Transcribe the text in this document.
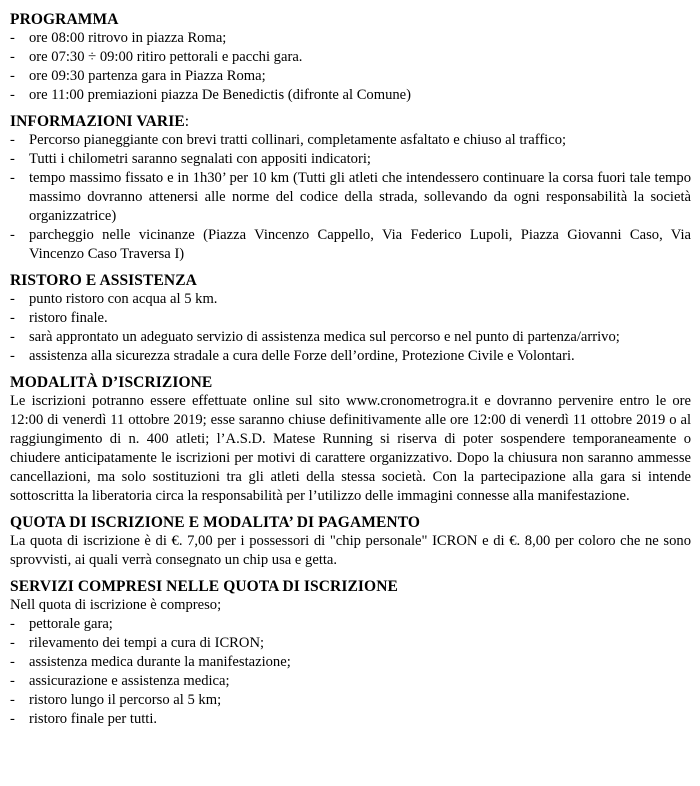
PROGRAMMA
- ore 08:00 ritrovo in piazza Roma;
- ore 07:30 ÷ 09:00 ritiro pettorali e pacchi gara.
- ore 09:30 partenza gara in Piazza Roma;
- ore 11:00 premiazioni piazza De Benedictis (difronte al Comune)
INFORMAZIONI VARIE:
- Percorso pianeggiante con brevi tratti collinari, completamente asfaltato e chiuso al traffico;
- Tutti i chilometri saranno segnalati con appositi indicatori;
- tempo massimo fissato e in 1h30’ per 10 km (Tutti gli atleti che intendessero continuare la corsa fuori tale tempo massimo dovranno attenersi alle norme del codice della strada, sollevando da ogni responsabilità la società organizzatrice)
- parcheggio nelle vicinanze (Piazza Vincenzo Cappello, Via Federico Lupoli, Piazza Giovanni Caso, Via Vincenzo Caso Traversa I)
RISTORO E ASSISTENZA
- punto ristoro con acqua al 5 km.
- ristoro finale.
- sarà approntato un adeguato servizio di assistenza medica sul percorso e nel punto di partenza/arrivo;
- assistenza alla sicurezza stradale a cura delle Forze dell’ordine, Protezione Civile e Volontari.
MODALITÀ D’ISCRIZIONE

Le iscrizioni potranno essere effettuate online sul sito www.cronometrogra.it e dovranno pervenire entro le ore 12:00 di venerdì 11 ottobre 2019; esse saranno chiuse definitivamente alle ore 12:00 di venerdì 11 ottobre 2019 o al raggiungimento di n. 400 atleti; l’A.S.D. Matese Running si riserva di poter sospendere temporaneamente o chiudere anticipatamente le iscrizioni per motivi di carattere organizzativo. Dopo la chiusura non saranno ammesse cancellazioni, ma solo sostituzioni tra gli atleti della stessa società. Con la partecipazione alla gara si intende sottoscritta la liberatoria circa la responsabilità per l’utilizzo delle immagini connesse alla manifestazione.

QUOTA DI ISCRIZIONE E MODALITA’ DI PAGAMENTO

La quota di iscrizione è di €. 7,00 per i possessori di "chip personale" ICRON e di €. 8,00 per coloro che ne sono sprovvisti, ai quali verrà consegnato un chip usa e getta.

SERVIZI COMPRESI NELLE QUOTA DI ISCRIZIONE

Nell quota di iscrizione è compreso;

- pettorale gara;
- rilevamento dei tempi a cura di ICRON;
- assistenza medica durante la manifestazione;
- assicurazione e assistenza medica;
- ristoro lungo il percorso al 5 km;
- ristoro finale per tutti.
